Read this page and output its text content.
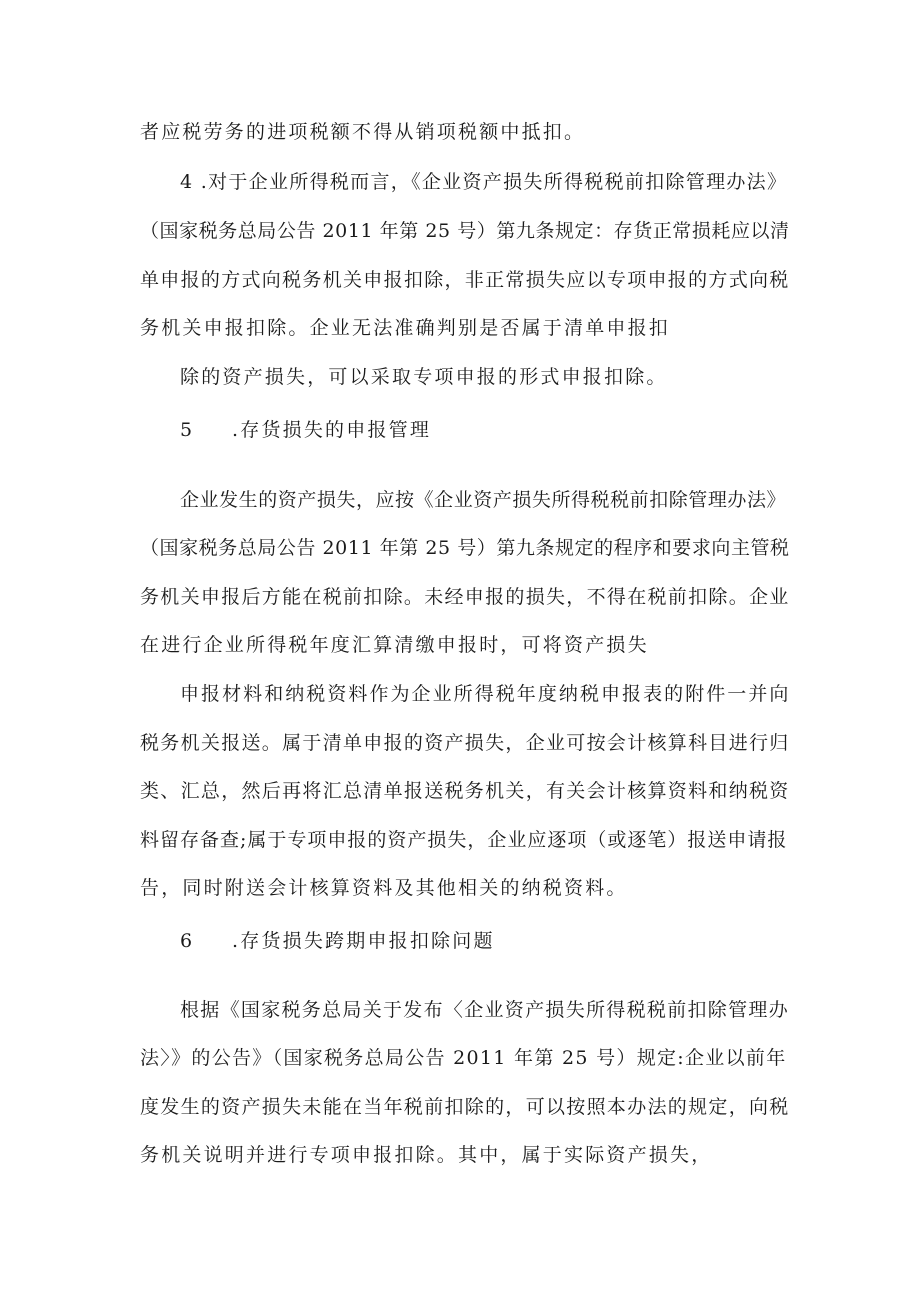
者应税劳务的进项税额不得从销项税额中抵扣。
4 .对于企业所得税而言，《企业资产损失所得税税前扣除管理办法》
（国家税务总局公告 2011 年第 25 号）第九条规定：存货正常损耗应以清
单申报的方式向税务机关申报扣除，非正常损失应以专项申报的方式向税
务机关申报扣除。企业无法准确判别是否属于清单申报扣
除的资产损失，可以采取专项申报的形式申报扣除。
5 .存货损失的申报管理
企业发生的资产损失，应按《企业资产损失所得税税前扣除管理办法》
（国家税务总局公告 2011 年第 25 号）第九条规定的程序和要求向主管税
务机关申报后方能在税前扣除。未经申报的损失，不得在税前扣除。企业
在进行企业所得税年度汇算清缴申报时，可将资产损失
申报材料和纳税资料作为企业所得税年度纳税申报表的附件一并向
税务机关报送。属于清单申报的资产损失，企业可按会计核算科目进行归
类、汇总，然后再将汇总清单报送税务机关，有关会计核算资料和纳税资
料留存备查;属于专项申报的资产损失，企业应逐项（或逐笔）报送申请报
告，同时附送会计核算资料及其他相关的纳税资料。
6 .存货损失跨期申报扣除问题
根据《国家税务总局关于发布〈企业资产损失所得税税前扣除管理办
法〉》的公告》（国家税务总局公告 2011 年第 25 号）规定:企业以前年
度发生的资产损失未能在当年税前扣除的，可以按照本办法的规定，向税
务机关说明并进行专项申报扣除。其中，属于实际资产损失，
